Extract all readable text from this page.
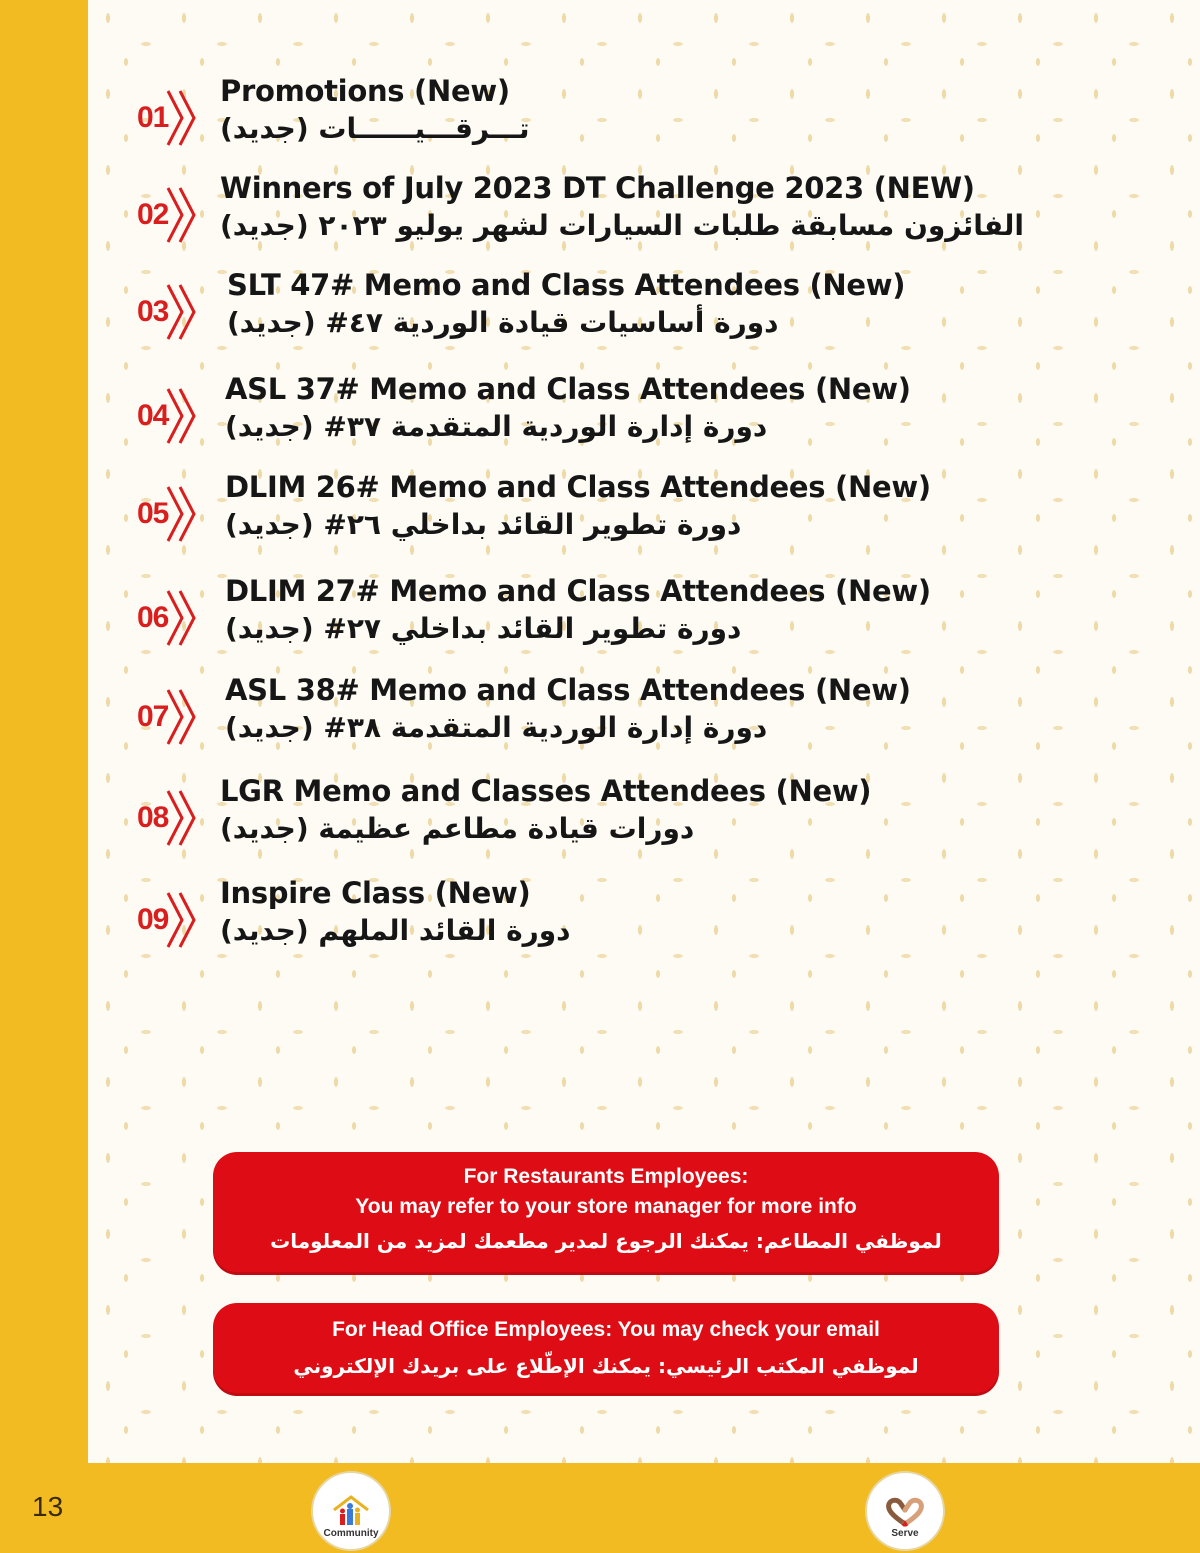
01
Promotions (New)
تـــرقـــيــــــات (جديد)
02
Winners of July 2023 DT Challenge 2023 (NEW)
الفائزون مسابقة طلبات السيارات لشهر يوليو ٢٠٢٣ (جديد)
03
SLT 47# Memo and Class Attendees (New)
دورة أساسيات قيادة الوردية ٤٧# (جديد)
04
ASL 37# Memo and Class Attendees (New)
دورة إدارة الوردية المتقدمة ٣٧# (جديد)
05
DLIM 26# Memo and Class Attendees (New)
دورة تطوير القائد بداخلي ٢٦# (جديد)
06
DLIM 27# Memo and Class Attendees (New)
دورة تطوير القائد بداخلي ٢٧# (جديد)
07
ASL 38# Memo and Class Attendees (New)
دورة إدارة الوردية المتقدمة ٣٨# (جديد)
08
LGR Memo and Classes Attendees (New)
دورات قيادة مطاعم عظيمة (جديد)
09
Inspire Class (New)
دورة القائد الملهم (جديد)
For Restaurants Employees:
You may refer to your store manager for more info
لموظفي المطاعم: يمكنك الرجوع لمدير مطعمك لمزيد من المعلومات
For Head Office Employees: You may check your email
لموظفي المكتب الرئيسي: يمكنك الإطّلاع على بريدك الإلكتروني
13
Community	Serve
